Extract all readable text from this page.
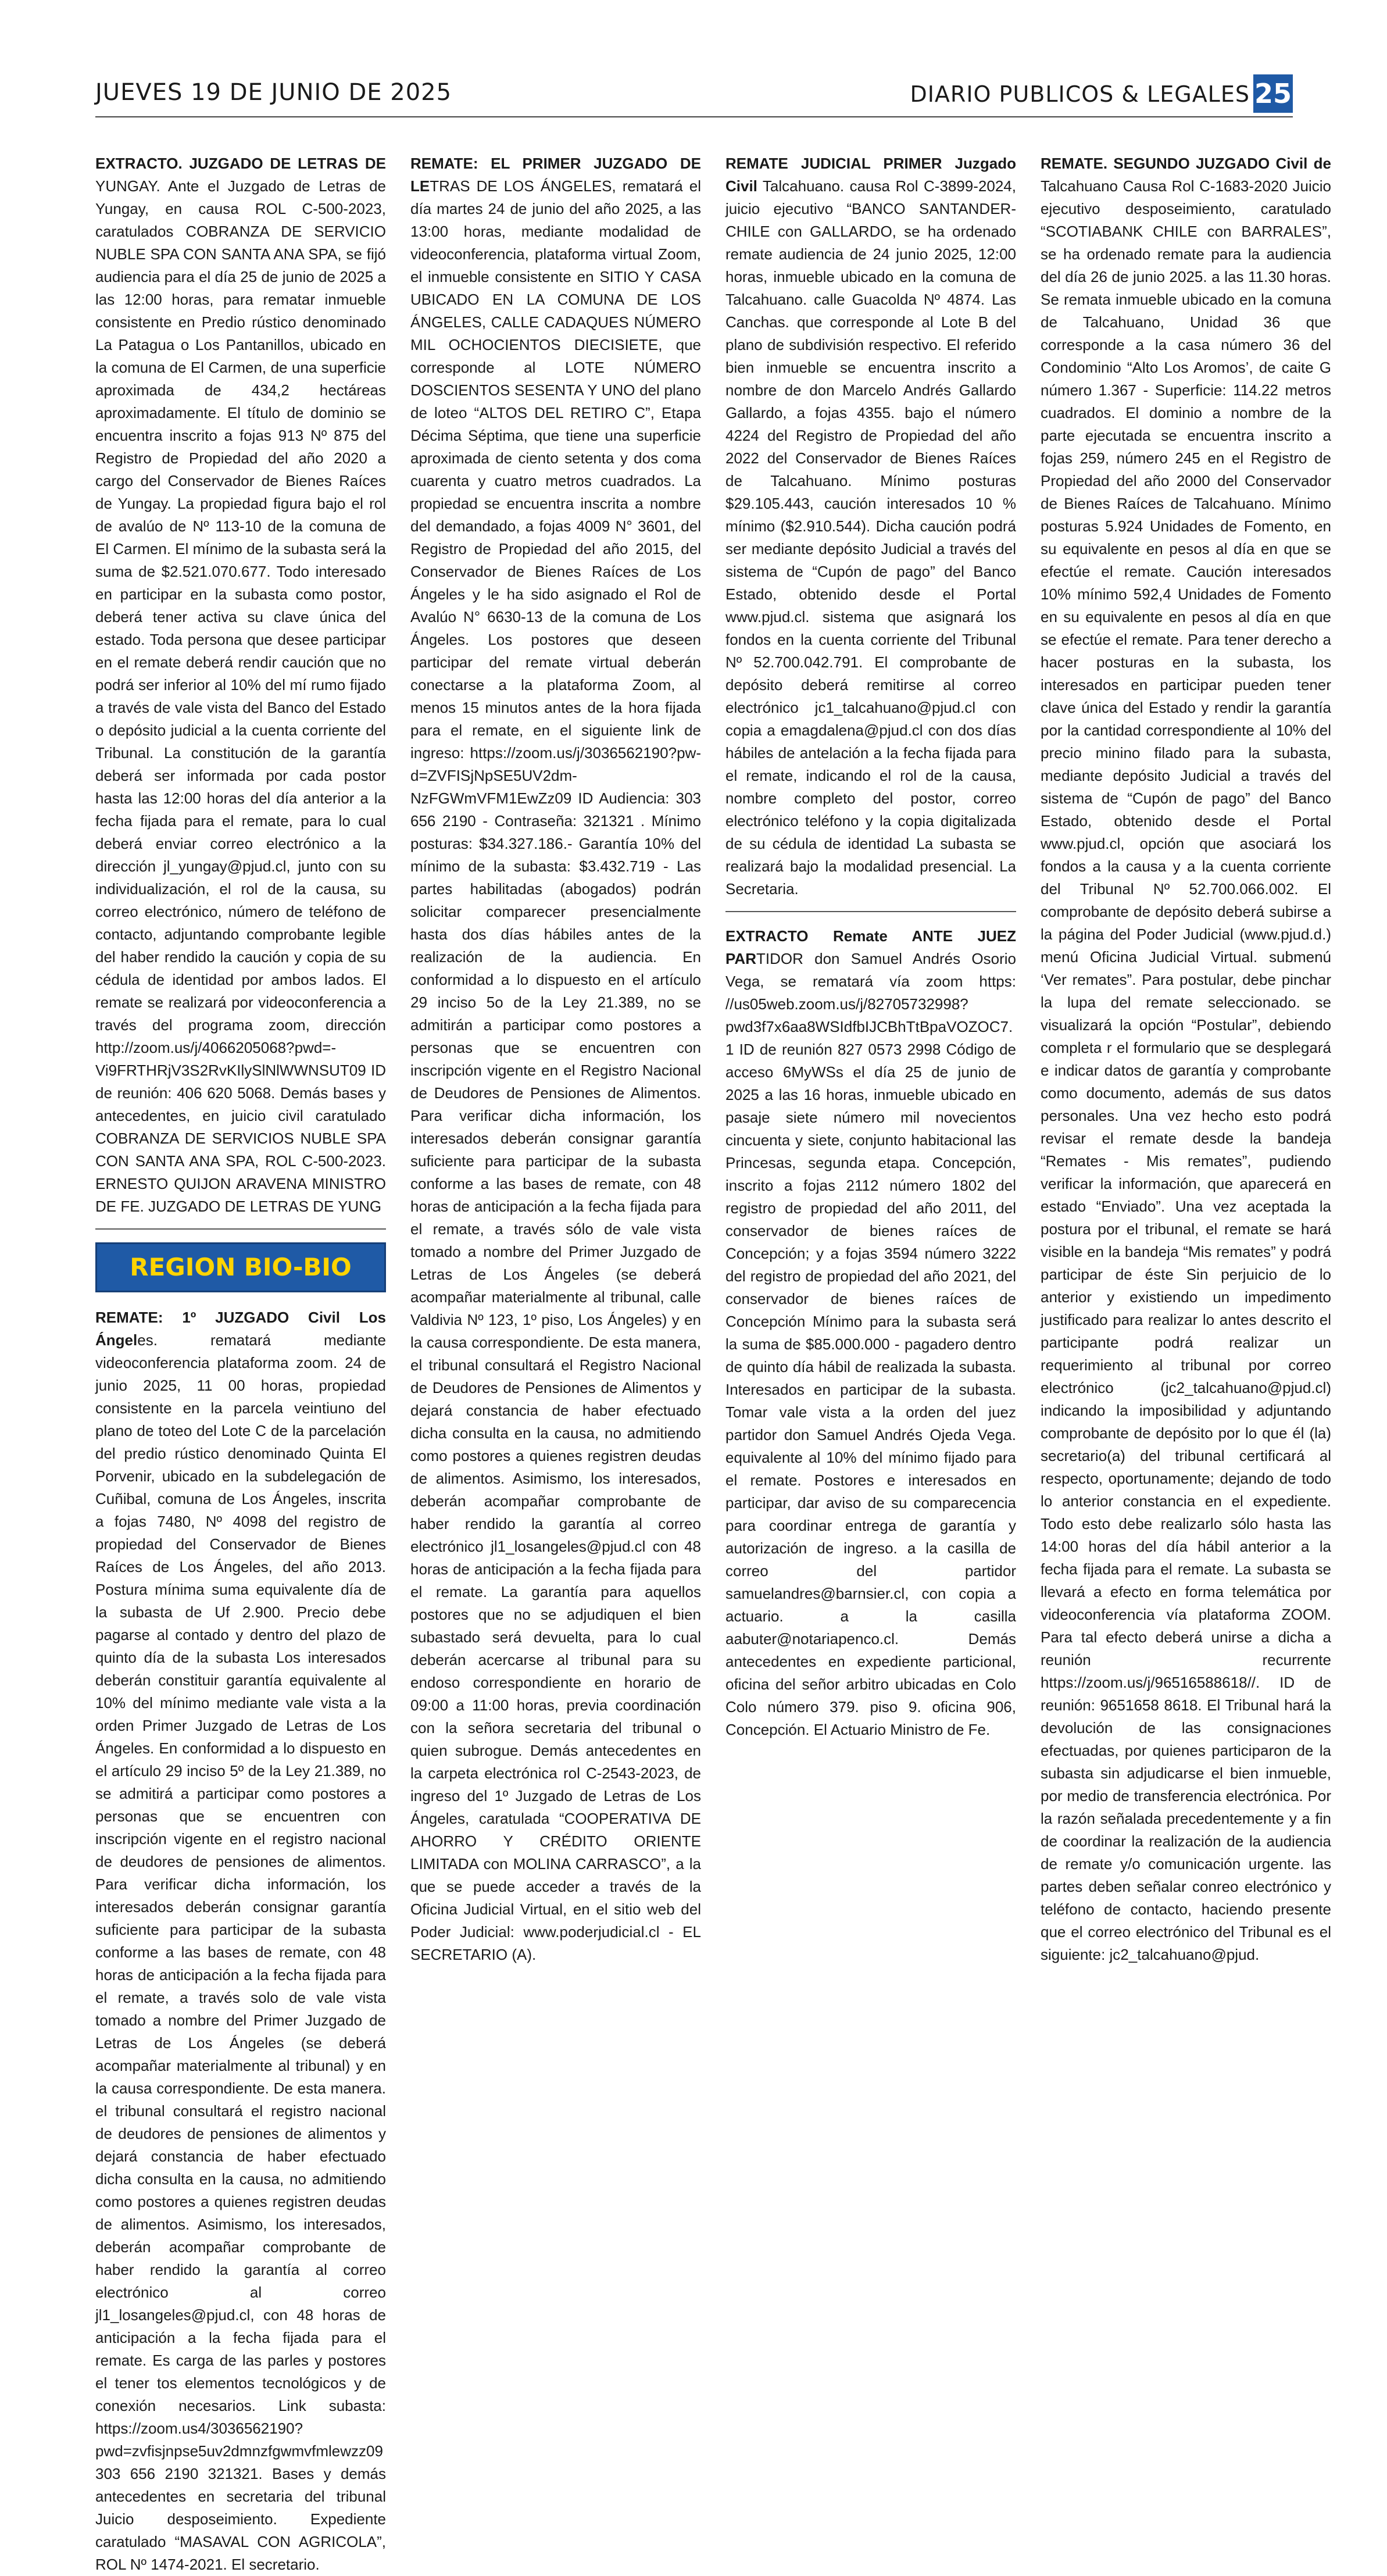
JUEVES 19 DE JUNIO DE 2025	DIARIO PUBLICOS & LEGALES 25

EXTRACTO. JUZGADO DE LETRAS DE YUNGAY. Ante el Juzgado de Letras de Yungay, en causa ROL C-500-2023, caratulados COBRANZA DE SERVICIO NUBLE SPA CON SANTA ANA SPA, se fijó audiencia para el día 25 de junio de 2025 a las 12:00 horas, para rematar inmueble consistente en Predio rústico denominado La Patagua o Los Pantanillos, ubicado en la comuna de El Carmen, de una superficie aproximada de 434,2 hectáreas aproximadamente. El título de dominio se encuentra inscrito a fojas 913 Nº 875 del Registro de Propiedad del año 2020 a cargo del Conservador de Bienes Raíces de Yungay. La propiedad figura bajo el rol de avalúo de Nº 113-10 de la comuna de El Carmen. El mínimo de la subasta será la suma de $2.521.070.677. Todo interesado en participar en la subasta como postor, deberá tener activa su clave única del estado. Toda persona que desee participar en el remate deberá rendir caución que no podrá ser inferior al 10% del mí rumo fijado a través de vale vista del Banco del Estado o depósito judicial a la cuenta corriente del Tribunal. La constitución de la garantía deberá ser informada por cada postor hasta las 12:00 horas del día anterior a la fecha fijada para el remate, para lo cual deberá enviar correo electrónico a la dirección jl_yungay@pjud.cl, junto con su individualización, el rol de la causa, su correo electrónico, número de teléfono de contacto, adjuntando comprobante legible del haber rendido la caución y copia de su cédula de identidad por ambos lados. El remate se realizará por videoconferencia a través del programa zoom, dirección http://zoom.us/j/4066205068?pwd=-Vi9FRTHRjV3S2RvKIlySlNlWWNSUT09 ID de reunión: 406 620 5068. Demás bases y antecedentes, en juicio civil caratulado COBRANZA DE SERVICIOS NUBLE SPA CON SANTA ANA SPA, ROL C-500-2023. ERNESTO QUIJON ARAVENA MINISTRO DE FE. JUZGADO DE LETRAS DE YUNG

REGION BIO-BIO

REMATE: 1º JUZGADO Civil Los Ángeles. rematará mediante videoconferencia plataforma zoom. 24 de junio 2025, 11 00 horas, propiedad consistente en la parcela veintiuno del plano de toteo del Lote C de la parcelación del predio rústico denominado Quinta El Porvenir, ubicado en la subdelegación de Cuñibal, comuna de Los Ángeles, inscrita a fojas 7480, Nº 4098 del registro de propiedad del Conservador de Bienes Raíces de Los Ángeles, del año 2013. Postura mínima suma equivalente día de la subasta de Uf 2.900. Precio debe pagarse al contado y dentro del plazo de quinto día de la subasta Los interesados deberán constituir garantía equivalente al 10% del mínimo mediante vale vista a la orden Primer Juzgado de Letras de Los Ángeles. En conformidad a lo dispuesto en el artículo 29 inciso 5º de la Ley 21.389, no se admitirá a participar como postores a personas que se encuentren con inscripción vigente en el registro nacional de deudores de pensiones de alimentos. Para verificar dicha información, los interesados deberán consignar garantía suficiente para participar de la subasta conforme a las bases de remate, con 48 horas de anticipación a la fecha fijada para el remate, a través solo de vale vista tomado a nombre del Primer Juzgado de Letras de Los Ángeles (se deberá acompañar materialmente al tribunal) y en la causa correspondiente. De esta manera. el tribunal consultará el registro nacional de deudores de pensiones de alimentos y dejará constancia de haber efectuado dicha consulta en la causa, no admitiendo como postores a quienes registren deudas de alimentos. Asimismo, los interesados, deberán acompañar comprobante de haber rendido la garantía al correo electrónico al correo jl1_losangeles@pjud.cl, con 48 horas de anticipación a la fecha fijada para el remate. Es carga de las parles y postores el tener tos elementos tecnológicos y de conexión necesarios. Link subasta: https://zoom.us4/3036562190?pwd=zvfisjnpse5uv2dmnzfgwmvfmlewzz09 303 656 2190 321321. Bases y demás antecedentes en secretaria del tribunal Juicio desposeimiento. Expediente caratulado “MASAVAL CON AGRICOLA”, ROL Nº 1474-2021. El secretario.

REMATE: EL PRIMER JUZGADO DE LETRAS DE LOS ÁNGELES, rematará el día martes 24 de junio del año 2025, a las 13:00 horas, mediante modalidad de videoconferencia, plataforma virtual Zoom, el inmueble consistente en SITIO Y CASA UBICADO EN LA COMUNA DE LOS ÁNGELES, CALLE CADAQUES NÚMERO MIL OCHOCIENTOS DIECISIETE, que corresponde al LOTE NÚMERO DOSCIENTOS SESENTA Y UNO del plano de loteo “ALTOS DEL RETIRO C”, Etapa Décima Séptima, que tiene una superficie aproximada de ciento setenta y dos coma cuarenta y cuatro metros cuadrados. La propiedad se encuentra inscrita a nombre del demandado, a fojas 4009 N° 3601, del Registro de Propiedad del año 2015, del Conservador de Bienes Raíces de Los Ángeles y le ha sido asignado el Rol de Avalúo N° 6630-13 de la comuna de Los Ángeles. Los postores que deseen participar del remate virtual deberán conectarse a la plataforma Zoom, al menos 15 minutos antes de la hora fijada para el remate, en el siguiente link de ingreso: https://zoom.us/j/3036562190?pw-d=ZVFISjNpSE5UV2dm-NzFGWmVFM1EwZz09 ID Audiencia: 303 656 2190 - Contraseña: 321321 . Mínimo posturas: $34.327.186.- Garantía 10% del mínimo de la subasta: $3.432.719 - Las partes habilitadas (abogados) podrán solicitar comparecer presencialmente hasta dos días hábiles antes de la realización de la audiencia. En conformidad a lo dispuesto en el artículo 29 inciso 5o de la Ley 21.389, no se admitirán a participar como postores a personas que se encuentren con inscripción vigente en el Registro Nacional de Deudores de Pensiones de Alimentos. Para verificar dicha información, los interesados deberán consignar garantía suficiente para participar de la subasta conforme a las bases de remate, con 48 horas de anticipación a la fecha fijada para el remate, a través sólo de vale vista tomado a nombre del Primer Juzgado de Letras de Los Ángeles (se deberá acompañar materialmente al tribunal, calle Valdivia Nº 123, 1º piso, Los Ángeles) y en la causa correspondiente. De esta manera, el tribunal consultará el Registro Nacional de Deudores de Pensiones de Alimentos y dejará constancia de haber efectuado dicha consulta en la causa, no admitiendo como postores a quienes registren deudas de alimentos. Asimismo, los interesados, deberán acompañar comprobante de haber rendido la garantía al correo electrónico jl1_losangeles@pjud.cl con 48 horas de anticipación a la fecha fijada para el remate. La garantía para aquellos postores que no se adjudiquen el bien subastado será devuelta, para lo cual deberán acercarse al tribunal para su endoso correspondiente en horario de 09:00 a 11:00 horas, previa coordinación con la señora secretaria del tribunal o quien subrogue. Demás antecedentes en la carpeta electrónica rol C-2543-2023, de ingreso del 1º Juzgado de Letras de Los Ángeles, caratulada “COOPERATIVA DE AHORRO Y CRÉDITO ORIENTE LIMITADA con MOLINA CARRASCO”, a la que se puede acceder a través de la Oficina Judicial Virtual, en el sitio web del Poder Judicial: www.poderjudicial.cl - EL SECRETARIO (A).

REMATE JUDICIAL PRIMER Juzgado Civil Talcahuano. causa Rol C-3899-2024, juicio ejecutivo “BANCO SANTANDER-CHILE con GALLARDO, se ha ordenado remate audiencia de 24 junio 2025, 12:00 horas, inmueble ubicado en la comuna de Talcahuano. calle Guacolda Nº 4874. Las Canchas. que corresponde al Lote B del plano de subdivisión respectivo. El referido bien inmueble se encuentra inscrito a nombre de don Marcelo Andrés Gallardo Gallardo, a fojas 4355. bajo el número 4224 del Registro de Propiedad del año 2022 del Conservador de Bienes Raíces de Talcahuano. Mínimo posturas $29.105.443, caución interesados 10 % mínimo ($2.910.544). Dicha caución podrá ser mediante depósito Judicial a través del sistema de “Cupón de pago” del Banco Estado, obtenido desde el Portal www.pjud.cl. sistema que asignará los fondos en la cuenta corriente del Tribunal Nº 52.700.042.791. El comprobante de depósito deberá remitirse al correo electrónico jc1_talcahuano@pjud.cl con copia a emagdalena@pjud.cl con dos días hábiles de antelación a la fecha fijada para el remate, indicando el rol de la causa, nombre completo del postor, correo electrónico teléfono y la copia digitalizada de su cédula de identidad La subasta se realizará bajo la modalidad presencial. La Secretaria.

EXTRACTO Remate ANTE JUEZ PARTIDOR don Samuel Andrés Osorio Vega, se rematará vía zoom https: //us05web.zoom.us/j/82705732998?pwd3f7x6aa8WSIdfbIJCBhTtBpaVOZOC7.1 ID de reunión 827 0573 2998 Código de acceso 6MyWSs el día 25 de junio de 2025 a las 16 horas, inmueble ubicado en pasaje siete número mil novecientos cincuenta y siete, conjunto habitacional las Princesas, segunda etapa. Concepción, inscrito a fojas 2112 número 1802 del registro de propiedad del año 2011, del conservador de bienes raíces de Concepción; y a fojas 3594 número 3222 del registro de propiedad del año 2021, del conservador de bienes raíces de Concepción Mínimo para la subasta será la suma de $85.000.000 - pagadero dentro de quinto día hábil de realizada la subasta. Interesados en participar de la subasta. Tomar vale vista a la orden del juez partidor don Samuel Andrés Ojeda Vega. equivalente al 10% del mínimo fijado para el remate. Postores e interesados en participar, dar aviso de su comparecencia para coordinar entrega de garantía y autorización de ingreso. a la casilla de correo del partidor samuelandres@barnsier.cl, con copia a actuario. a la casilla aabuter@notariapenco.cl. Demás antecedentes en expediente particional, oficina del señor arbitro ubicadas en Colo Colo número 379. piso 9. oficina 906, Concepción. El Actuario Ministro de Fe.

REMATE. SEGUNDO JUZGADO Civil de Talcahuano Causa Rol C-1683-2020 Juicio ejecutivo desposeimiento, caratulado “SCOTIABANK CHILE con BARRALES”, se ha ordenado remate para la audiencia del día 26 de junio 2025. a las 11.30 horas. Se remata inmueble ubicado en la comuna de Talcahuano, Unidad 36 que corresponde a la casa número 36 del Condominio “Alto Los Aromos’, de caite G número 1.367 - Superficie: 114.22 metros cuadrados. El dominio a nombre de la parte ejecutada se encuentra inscrito a fojas 259, número 245 en el Registro de Propiedad del año 2000 del Conservador de Bienes Raíces de Talcahuano. Mínimo posturas 5.924 Unidades de Fomento, en su equivalente en pesos al día en que se efectúe el remate. Caución interesados 10% mínimo 592,4 Unidades de Fomento en su equivalente en pesos al día en que se efectúe el remate. Para tener derecho a hacer posturas en la subasta, los interesados en participar pueden tener clave única del Estado y rendir la garantía por la cantidad correspondiente al 10% del precio minino filado para la subasta, mediante depósito Judicial a través del sistema de “Cupón de pago” del Banco Estado, obtenido desde el Portal www.pjud.cl, opción que asociará los fondos a la causa y a la cuenta corriente del Tribunal Nº 52.700.066.002. El comprobante de depósito deberá subirse a la página del Poder Judicial (www.pjud.d.) menú Oficina Judicial Virtual. submenú ‘Ver remates”. Para postular, debe pinchar la lupa del remate seleccionado. se visualizará la opción “Postular”, debiendo completa r el formulario que se desplegará e indicar datos de garantía y comprobante como documento, además de sus datos personales. Una vez hecho esto podrá revisar el remate desde la bandeja “Remates - Mis remates”, pudiendo verificar la información, que aparecerá en estado “Enviado”. Una vez aceptada la postura por el tribunal, el remate se hará visible en la bandeja “Mis remates” y podrá participar de éste Sin perjuicio de lo anterior y existiendo un impedimento justificado para realizar lo antes descrito el participante podrá realizar un requerimiento al tribunal por correo electrónico (jc2_talcahuano@pjud.cl) indicando la imposibilidad y adjuntando comprobante de depósito por lo que él (la) secretario(a) del tribunal certificará al respecto, oportunamente; dejando de todo lo anterior constancia en el expediente. Todo esto debe realizarlo sólo hasta las 14:00 horas del día hábil anterior a la fecha fijada para el remate. La subasta se llevará a efecto en forma telemática por videoconferencia vía plataforma ZOOM. Para tal efecto deberá unirse a dicha a reunión recurrente https://zoom.us/j/96516588618//. ID de reunión: 9651658 8618. El Tribunal hará la devolución de las consignaciones efectuadas, por quienes participaron de la subasta sin adjudicarse el bien inmueble, por medio de transferencia electrónica. Por la razón señalada precedentemente y a fin de coordinar la realización de la audiencia de remate y/o comunicación urgente. las partes deben señalar conreo electrónico y teléfono de contacto, haciendo presente que el correo electrónico del Tribunal es el siguiente: jc2_talcahuano@pjud.
